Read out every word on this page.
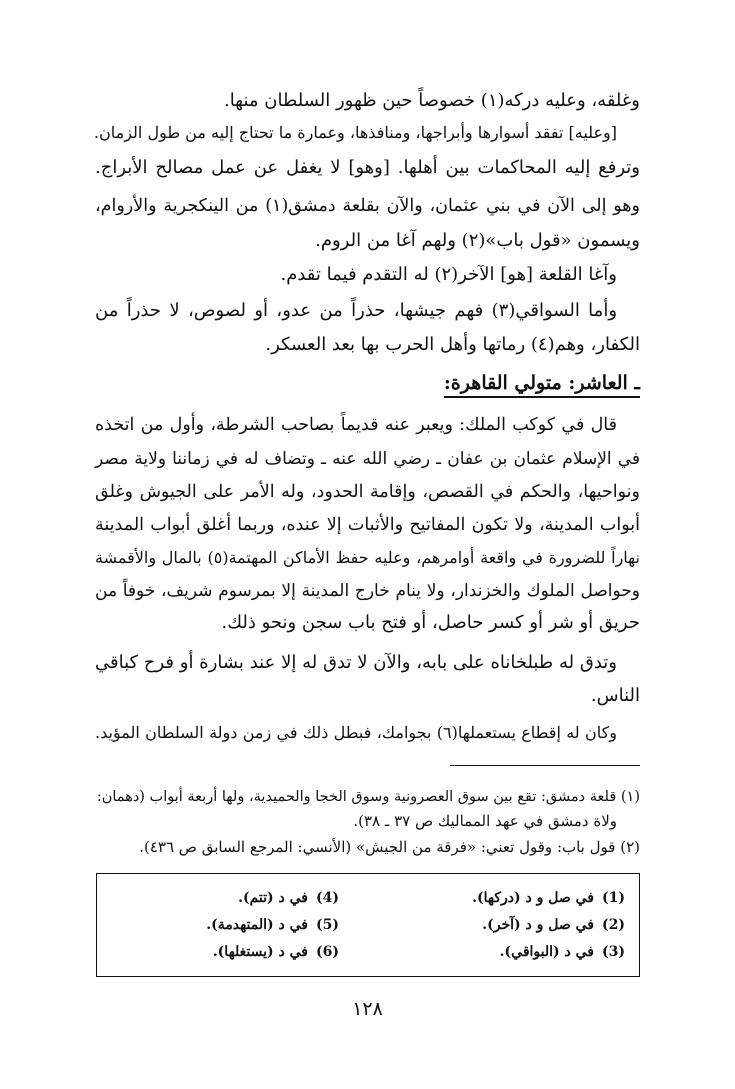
وغلقه، وعليه دركه(١) خصوصاً حين ظهور السلطان منها.
[وعليه] تفقد أسوارها وأبراجها، ومنافذها، وعمارة ما تحتاج إليه من طول الزمان.
وترفع إليه المحاكمات بين أهلها. [وهو] لا يغفل عن عمل مصالح الأبراج.
وهو إلى الآن في بني عثمان، والآن بقلعة دمشق(١) من الينكجرية والأروام،
ويسمون «قول باب»(٢) ولهم آغا من الروم.
وآغا القلعة [هو] الآخر(٢) له التقدم فيما تقدم.
وأما السواقي(٣) فهم جيشها، حذراً من عدو، أو لصوص، لا حذراً من
الكفار، وهم(٤) رماتها وأهل الحرب بها بعد العسكر.
ـ العاشر: متولي القاهرة:
قال في كوكب الملك: ويعبر عنه قديماً بصاحب الشرطة، وأول من اتخذه
في الإسلام عثمان بن عفان ـ رضي الله عنه ـ وتضاف له في زماننا ولاية مصر
ونواحيها، والحكم في القصص، وإقامة الحدود، وله الأمر على الجيوش وغلق
أبواب المدينة، ولا تكون المفاتيح والأثبات إلا عنده، وربما أغلق أبواب المدينة
نهاراً للضرورة في واقعة أوامرهم، وعليه حفظ الأماكن المهتمة(٥) بالمال والأقمشة
وحواصل الملوك والخزندار، ولا ينام خارج المدينة إلا بمرسوم شريف، خوفاً من
حريق أو شر أو كسر حاصل، أو فتح باب سجن ونحو ذلك.
وتدق له طبلخاناه على بابه، والآن لا تدق له إلا عند بشارة أو فرح كباقي
الناس.
وكان له إقطاع يستعملها(٦) بجوامك، فبطل ذلك في زمن دولة السلطان المؤيد.
(١) قلعة دمشق: تقع بين سوق العصرونية وسوق الخجا والحميدية، ولها أربعة أبواب (دهمان:
ولاة دمشق في عهد المماليك ص ٣٧ ـ ٣٨).
(٢) قول باب: وقول تعني: «فرقة من الجيش» (الأنسي: المرجع السابق ص ٤٣٦).
(1)في صل و د (دركها).
(2)في صل و د (آخر).
(3)في د (البواقي).
(4)في د (تتم).
(5)في د (المتهدمة).
(6)في د (يستغلها).
١٢٨
